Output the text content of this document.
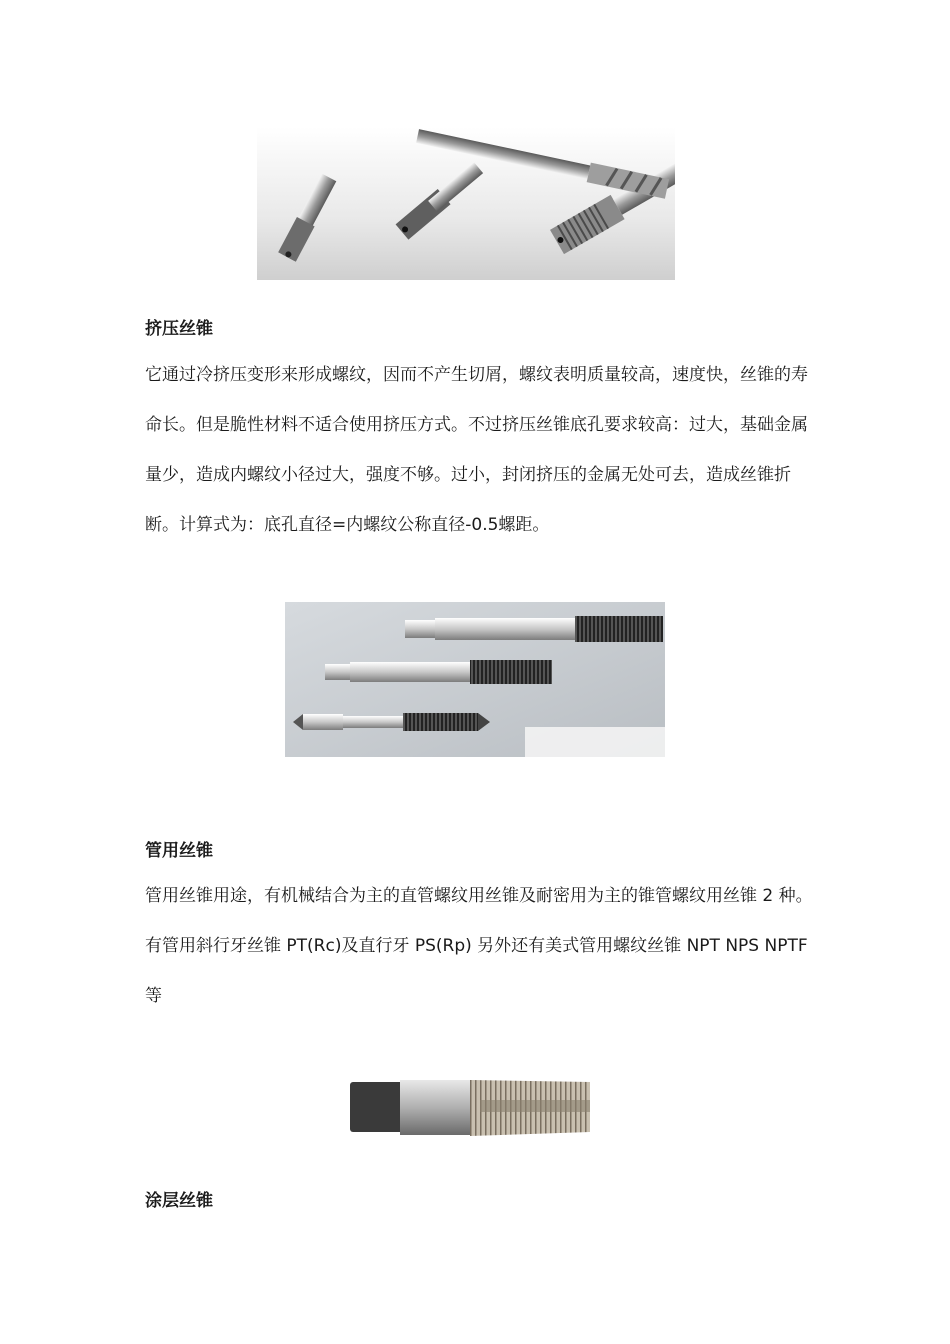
挤压丝锥

它通过冷挤压变形来形成螺纹，因而不产生切屑，螺纹表明质量较高，速度快，丝锥的寿命长。但是脆性材料不适合使用挤压方式。不过挤压丝锥底孔要求较高：过大，基础金属量少，造成内螺纹小径过大，强度不够。过小，封闭挤压的金属无处可去，造成丝锥折断。计算式为：底孔直径=内螺纹公称直径-0.5螺距。

管用丝锥

管用丝锥用途，有机械结合为主的直管螺纹用丝锥及耐密用为主的锥管螺纹用丝锥 2 种。有管用斜行牙丝锥 PT(Rc)及直行牙 PS(Rp) 另外还有美式管用螺纹丝锥 NPT NPS NPTF 等

涂层丝锥
